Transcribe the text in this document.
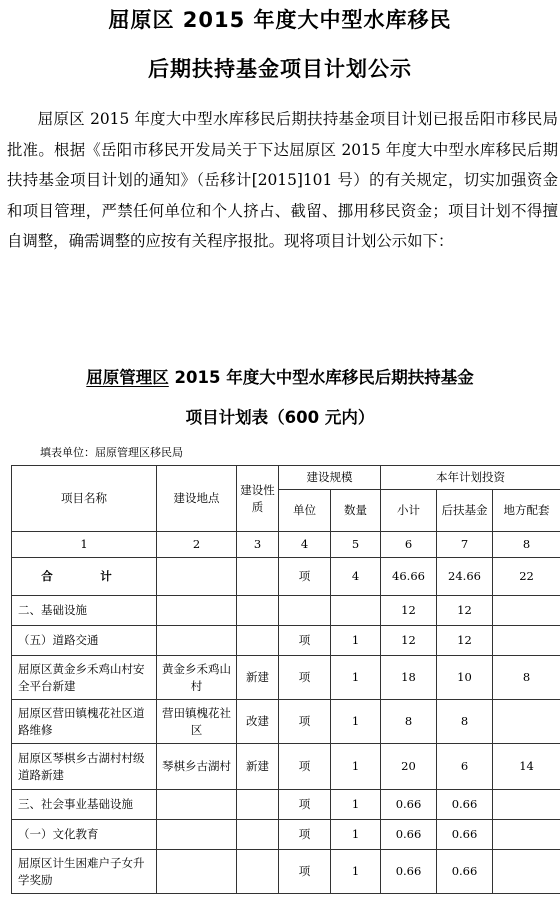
屈原区 2015 年度大中型水库移民
后期扶持基金项目计划公示

屈原区 2015 年度大中型水库移民后期扶持基金项目计划已报岳阳市移民局批准。根据《岳阳市移民开发局关于下达屈原区 2015 年度大中型水库移民后期扶持基金项目计划的通知》（岳移计[2015]101 号）的有关规定，切实加强资金和项目管理，严禁任何单位和个人挤占、截留、挪用移民资金；项目计划不得擅自调整，确需调整的应按有关程序报批。现将项目计划公示如下：

屈原管理区 2015 年度大中型水库移民后期扶持基金
项目计划表（600 元内）
填表单位：屈原管理区移民局
项目名称	建设地点	建设性质	建设规模		本年计划投资		
			单位	数量	小计	后扶基金	地方配套
1	2	3	4	5	6	7	8
合　计			项	4	46.66	24.66	22
二、基础设施					12	12	
（五）道路交通			项	1	12	12	
屈原区黄金乡禾鸡山村安全平台新建	黄金乡禾鸡山村	新建	项	1	18	10	8
屈原区营田镇槐花社区道路维修	营田镇槐花社区	改建	项	1	8	8	
屈原区琴棋乡古湖村村级道路新建	琴棋乡古湖村	新建	项	1	20	6	14
三、社会事业基础设施			项	1	0.66	0.66	
（一）文化教育			项	1	0.66	0.66	
屈原区计生困难户子女升学奖励			项	1	0.66	0.66	
